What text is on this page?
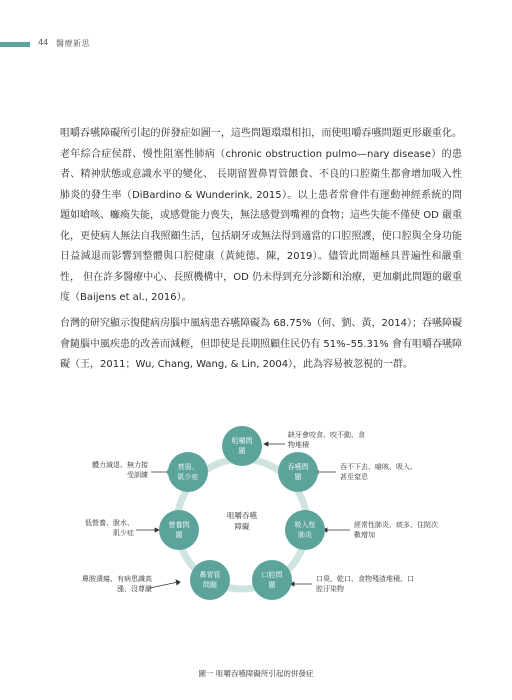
44 醫療新思
咀嚼吞嚥障礙所引起的併發症如圖一，這些問題環環相扣，而使咀嚼吞嚥問題更形嚴重化。老年綜合症侯群、慢性阻塞性肺病（chronic obstruction pulmo—nary disease）的患者、精神狀態或意識水平的變化、 長期留置鼻胃管餵食、不良的口腔衛生都會增加吸入性肺炎的發生率（DiBardino & Wunderink, 2015）。以上患者常會伴有運動神經系統的問題如嗆咳、癱瘓失能，或感覺能力喪失，無法感覺到嘴裡的食物；這些失能不僅使 OD 嚴重化，更使病人無法自我照顧生活，包括刷牙或無法得到適當的口腔照護，使口腔與全身功能日益減退而影響到整體與口腔健康（黃純德、陳，2019）。儘管此問題極具普遍性和嚴重性， 但在許多醫療中心、長照機構中，OD 仍未得到充分診斷和治療，更加劇此問題的嚴重度（Baijens et al., 2016）。
台灣的研究顯示復健病房腦中風病患吞嚥障礙為 68.75%（何、劉、黃，2014）；吞嚥障礙會隨腦中風疾患的改善而減輕，但即使是長期照顧住民仍有 51%–55.31% 會有咀嚼吞嚥障礙（王，2011；Wu, Chang, Wang, & Lin, 2004），此為容易被忽視的一群。
咀嚼問題
吞嚥問題
吸入性肺炎
口腔問題
鼻胃管問題
營養問題
衰弱、肌少症
咀嚼吞嚥障礙
缺牙會咬食、咬不動、食物堆積
吞不下去、嗆咳、吸入、甚至窒息
經常性肺炎、痰多、住院次數增加
口臭、乾口、食物殘渣堆積、口腔汙染物
鼻胺潰瘍、有病患識高漲、沒尊嚴
低營養、脫水、肌少症
體力減退、無力接受訓練
圖一 咀嚼吞嚥障礙所引起的併發症
